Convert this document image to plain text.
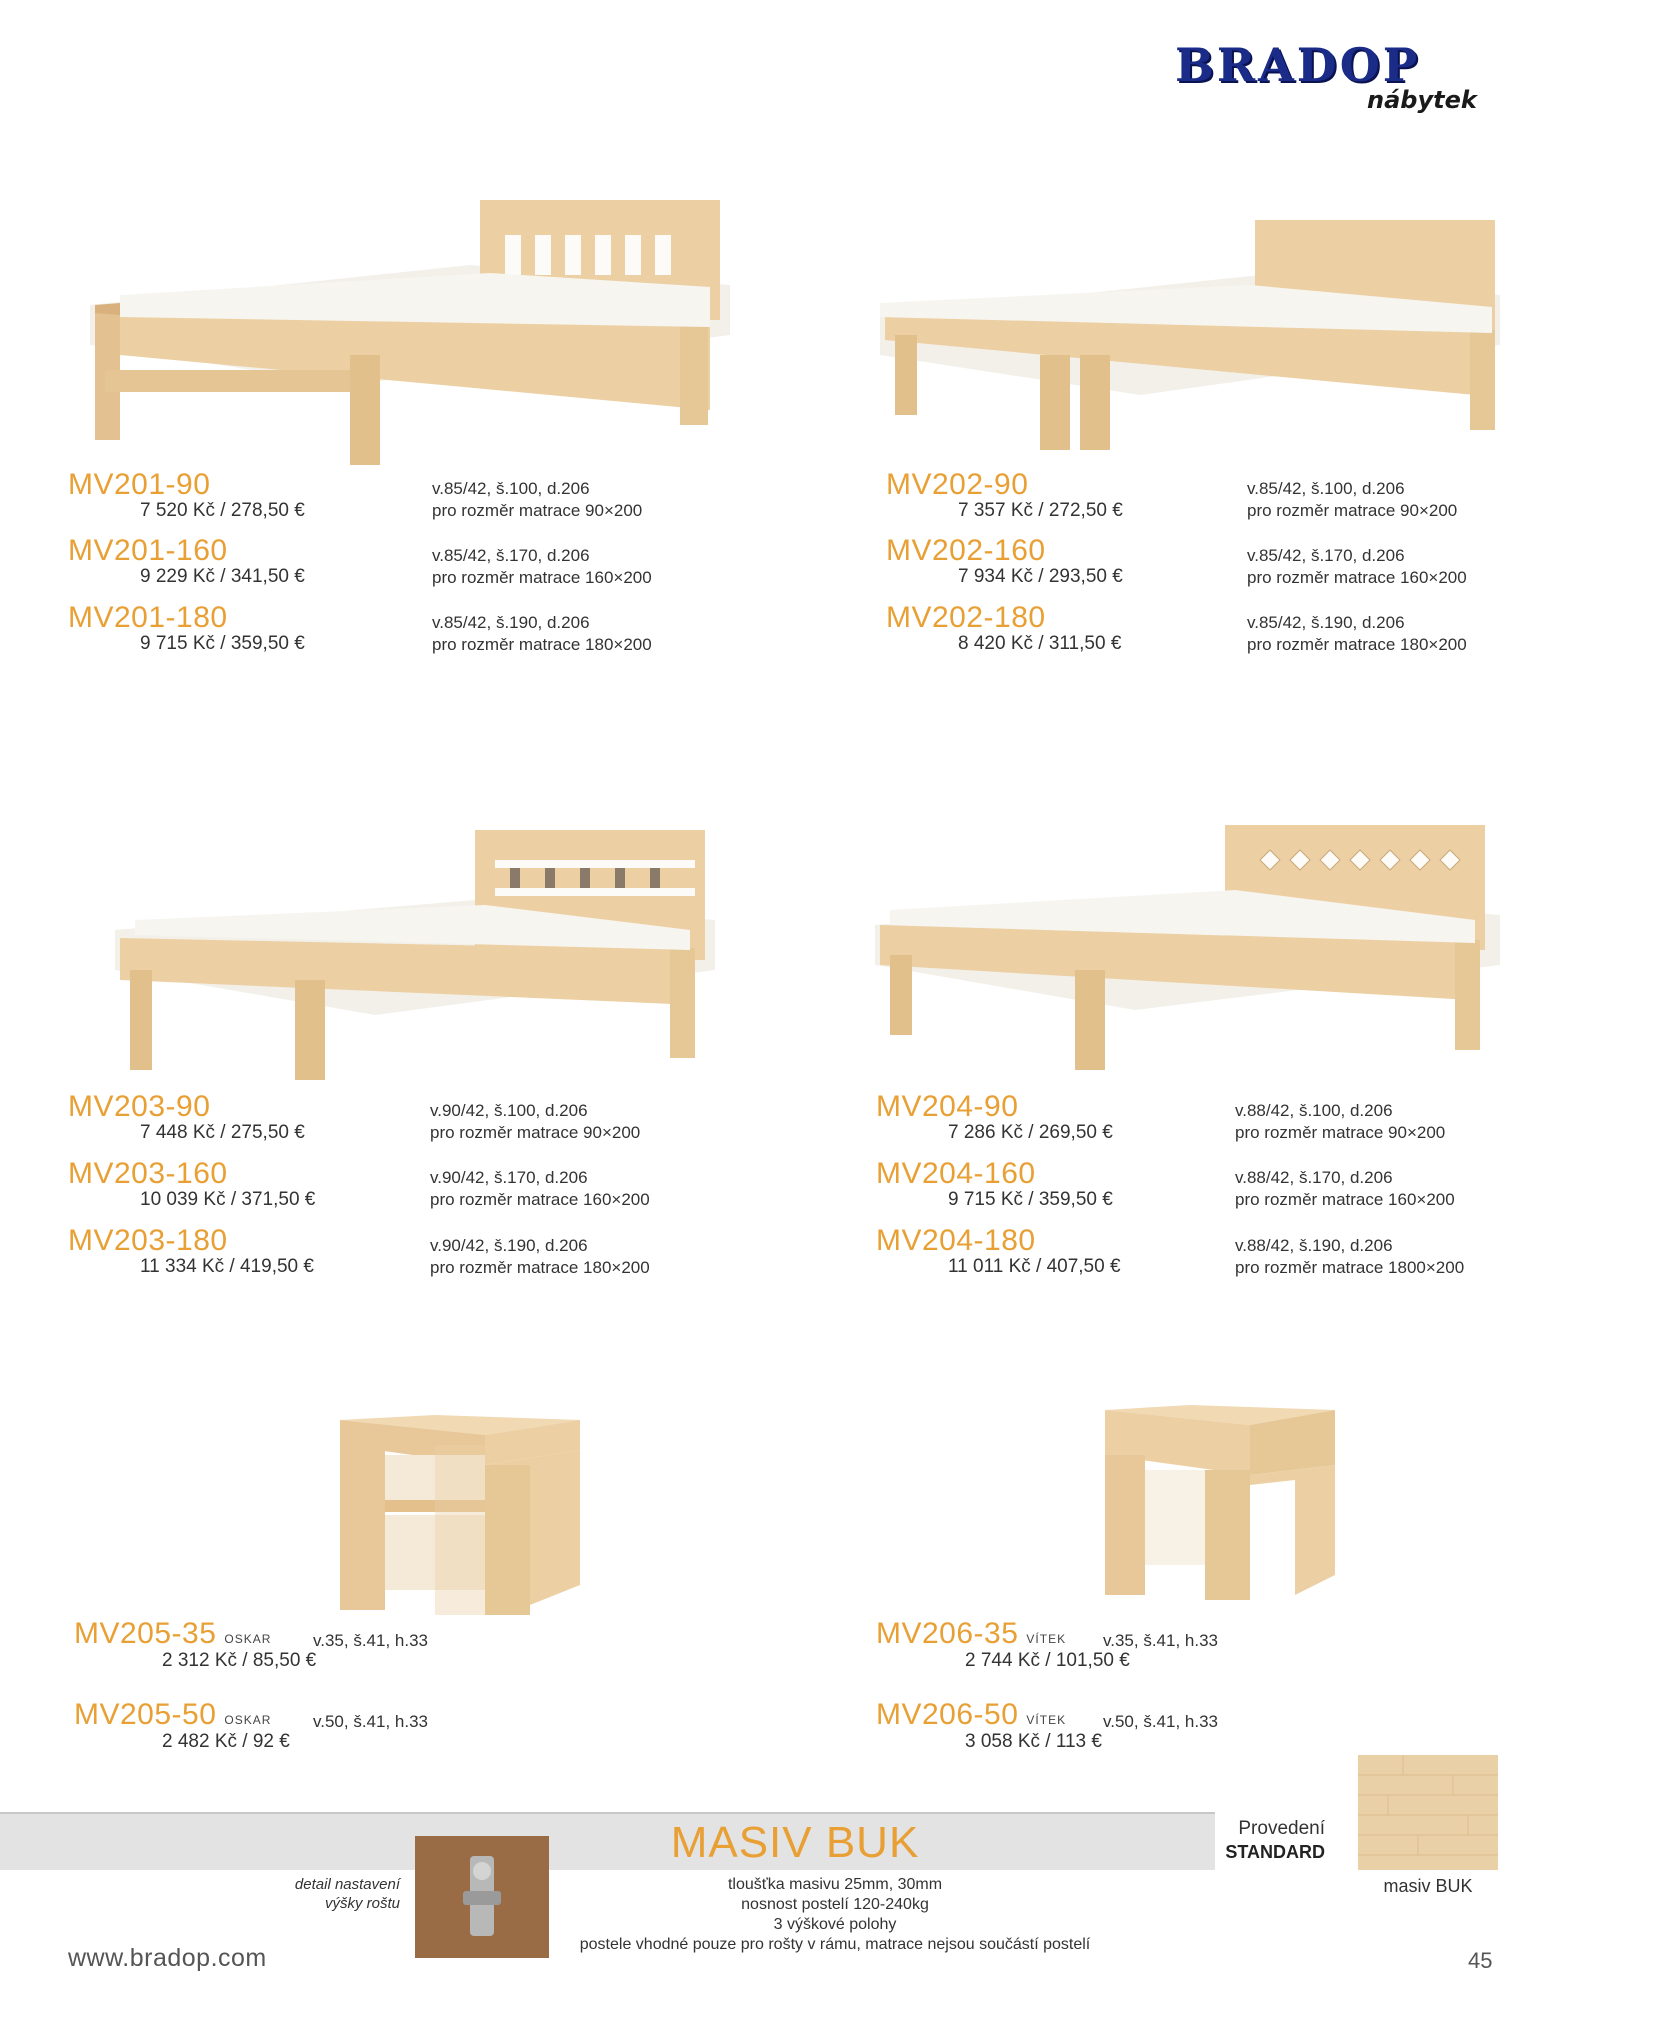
BRADOP
nábytek
MV201-90
7 520 Kč / 278,50 €
v.85/42, š.100, d.206
pro rozměr matrace 90×200
MV201-160
9 229 Kč / 341,50 €
v.85/42, š.170, d.206
pro rozměr matrace 160×200
MV201-180
9 715 Kč / 359,50 €
v.85/42, š.190, d.206
pro rozměr matrace 180×200
MV202-90
7 357 Kč / 272,50 €
v.85/42, š.100, d.206
pro rozměr matrace 90×200
MV202-160
7 934 Kč / 293,50 €
v.85/42, š.170, d.206
pro rozměr matrace 160×200
MV202-180
8 420 Kč / 311,50 €
v.85/42, š.190, d.206
pro rozměr matrace 180×200
MV203-90
7 448 Kč / 275,50 €
v.90/42, š.100, d.206
pro rozměr matrace 90×200
MV203-160
10 039 Kč / 371,50 €
v.90/42, š.170, d.206
pro rozměr matrace 160×200
MV203-180
11 334 Kč / 419,50 €
v.90/42, š.190, d.206
pro rozměr matrace 180×200
MV204-90
7 286 Kč / 269,50 €
v.88/42, š.100, d.206
pro rozměr matrace 90×200
MV204-160
9 715 Kč / 359,50 €
v.88/42, š.170, d.206
pro rozměr matrace 160×200
MV204-180
11 011 Kč / 407,50 €
v.88/42, š.190, d.206
pro rozměr matrace 1800×200
MV205-35 OSKAR v.35, š.41, h.33
2 312 Kč / 85,50 €
MV205-50 OSKAR v.50, š.41, h.33
2 482 Kč / 92 €
MV206-35 VÍTEK v.35, š.41, h.33
2 744 Kč / 101,50 €
MV206-50 VÍTEK v.50, š.41, h.33
3 058 Kč / 113 €
MASIV BUK	Provedení
STANDARD
masiv BUK
detail nastavení
výšky roštu
tloušťka masivu 25mm, 30mm
nosnost postelí 120-240kg
3 výškové polohy
postele vhodné pouze pro rošty v rámu, matrace nejsou součástí postelí
www.bradop.com	45
